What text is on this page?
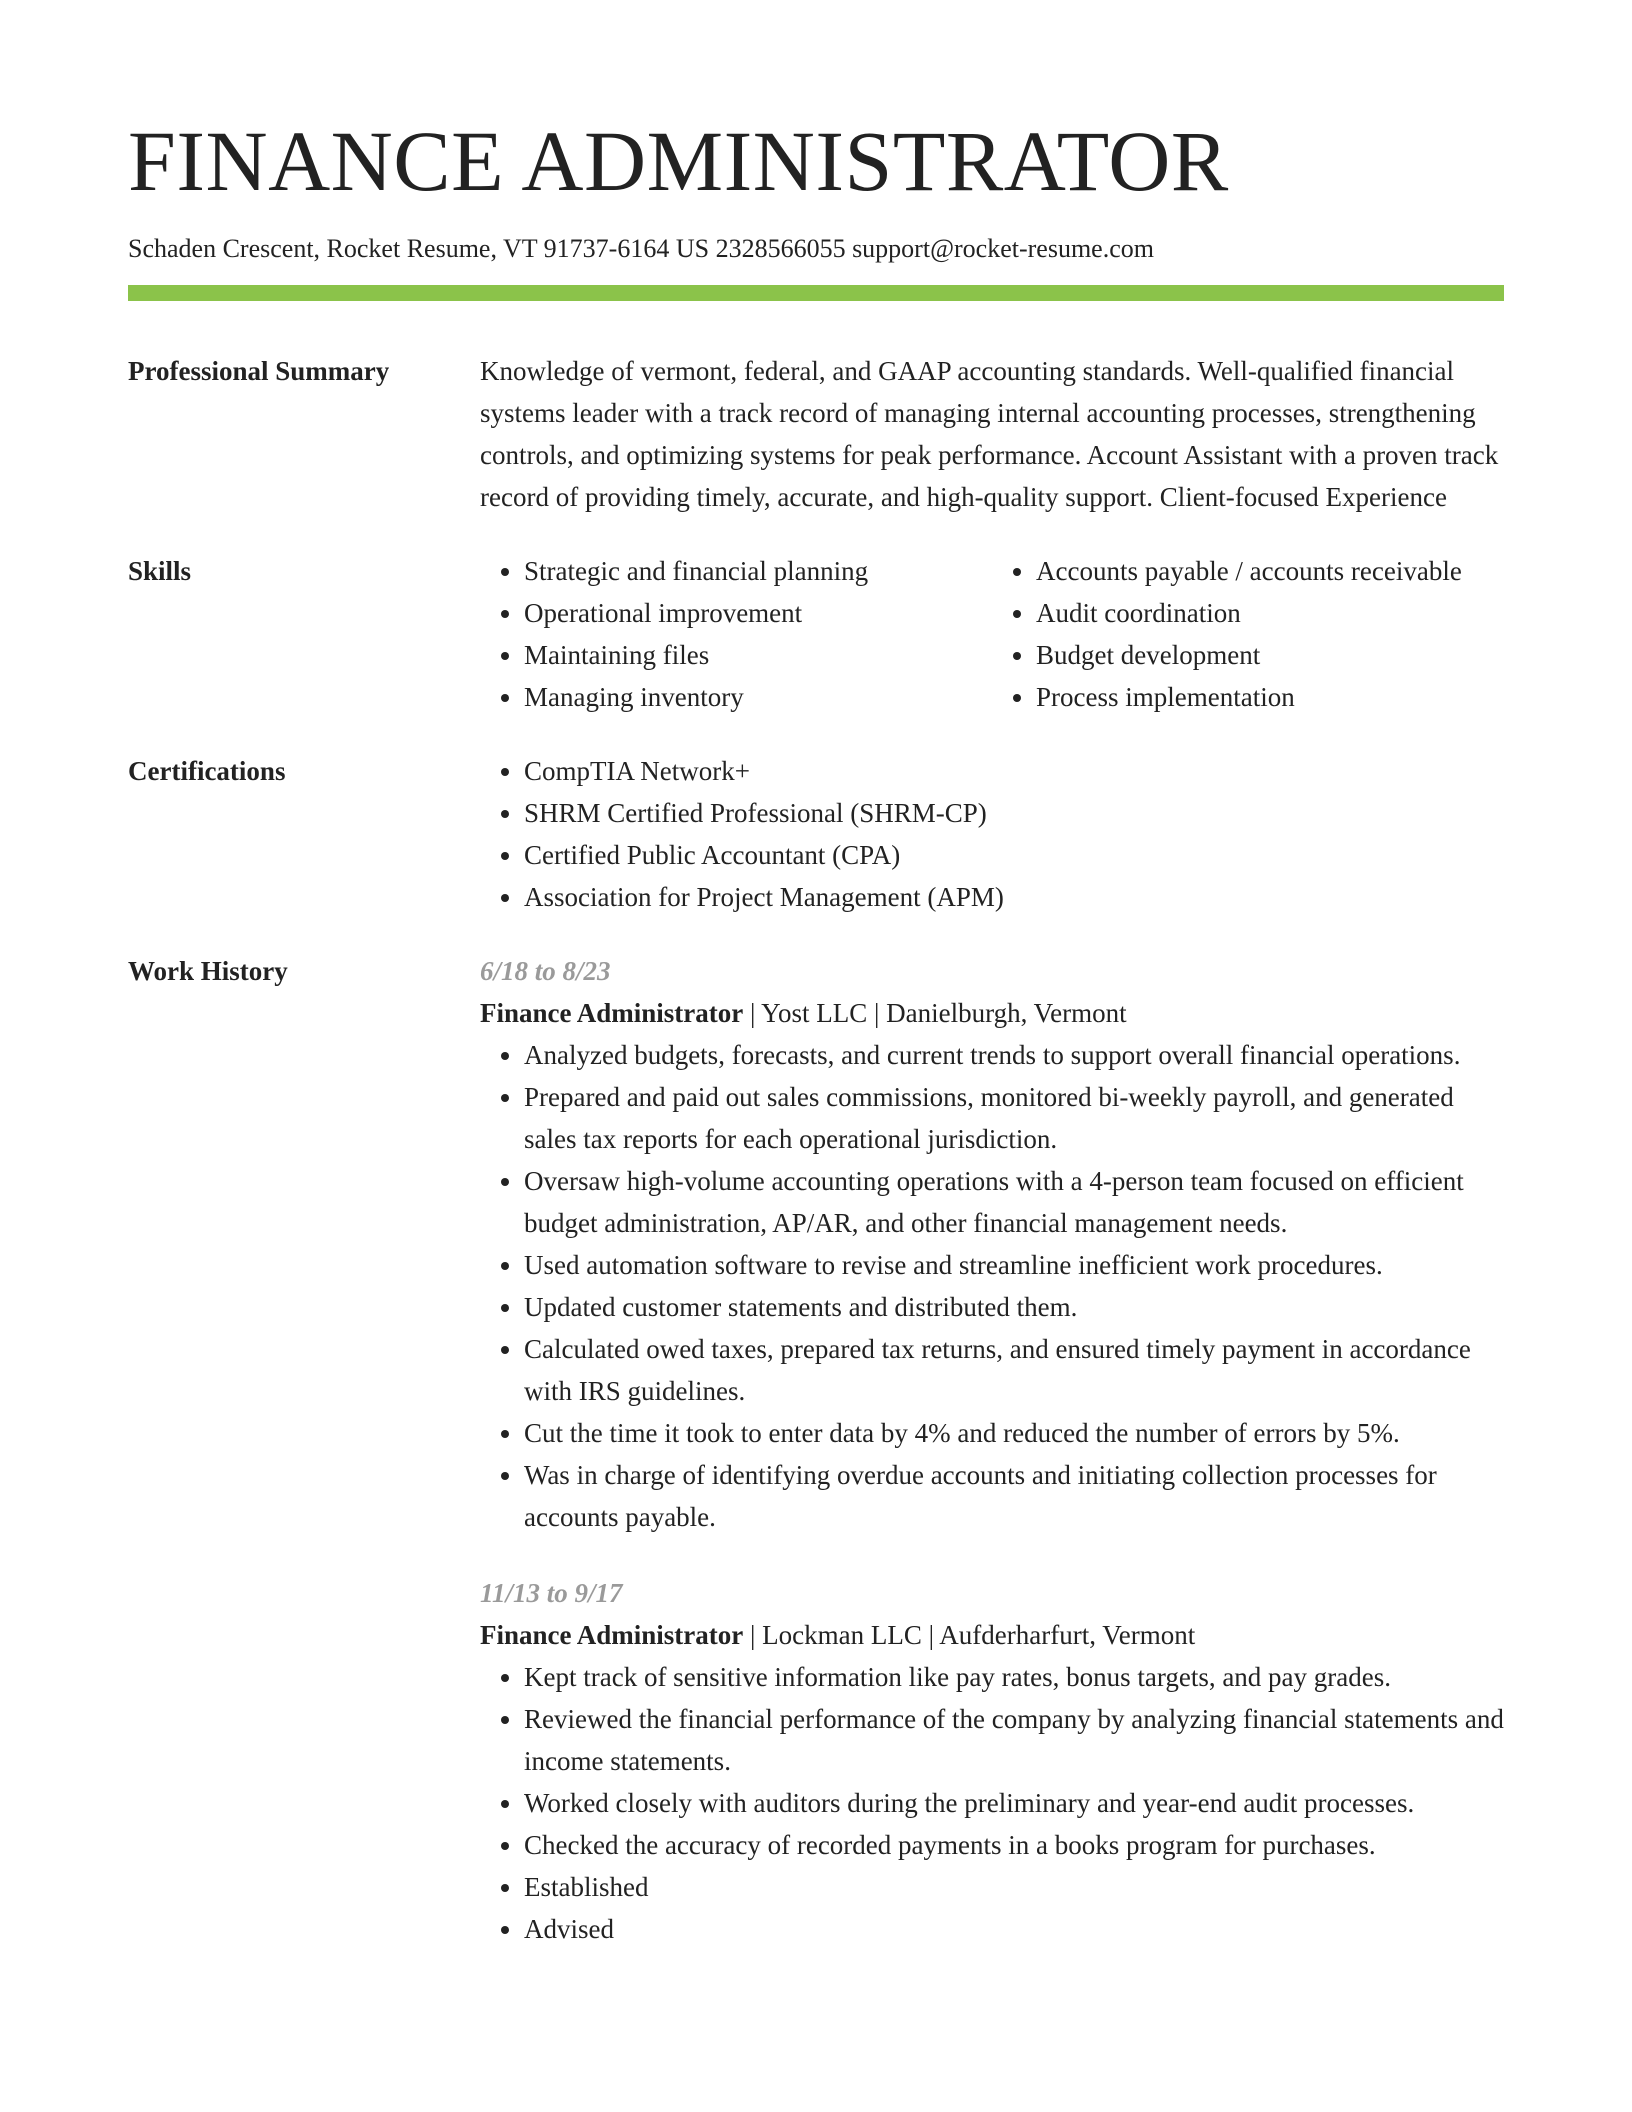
FINANCE ADMINISTRATOR

Schaden Crescent, Rocket Resume, VT 91737-6164 US 2328566055 support@rocket-resume.com

Professional Summary	Knowledge of vermont, federal, and GAAP accounting standards. Well-qualified financial systems leader with a track record of managing internal accounting processes, strengthening controls, and optimizing systems for peak performance. Account Assistant with a proven track record of providing timely, accurate, and high-quality support. Client-focused Experience

Skills	• Strategic and financial planning
• Operational improvement
• Maintaining files
• Managing inventory
• Accounts payable / accounts receivable
• Audit coordination
• Budget development
• Process implementation
Certifications	• CompTIA Network+
• SHRM Certified Professional (SHRM-CP)
• Certified Public Accountant (CPA)
• Association for Project Management (APM)
Work History	6/18 to 8/23

Finance Administrator | Yost LLC | Danielburgh, Vermont

• Analyzed budgets, forecasts, and current trends to support overall financial operations.
• Prepared and paid out sales commissions, monitored bi-weekly payroll, and generated sales tax reports for each operational jurisdiction.
• Oversaw high-volume accounting operations with a 4-person team focused on efficient budget administration, AP/AR, and other financial management needs.
• Used automation software to revise and streamline inefficient work procedures.
• Updated customer statements and distributed them.
• Calculated owed taxes, prepared tax returns, and ensured timely payment in accordance with IRS guidelines.
• Cut the time it took to enter data by 4% and reduced the number of errors by 5%.
• Was in charge of identifying overdue accounts and initiating collection processes for accounts payable.

11/13 to 9/17

Finance Administrator | Lockman LLC | Aufderharfurt, Vermont

• Kept track of sensitive information like pay rates, bonus targets, and pay grades.
• Reviewed the financial performance of the company by analyzing financial statements and income statements.
• Worked closely with auditors during the preliminary and year-end audit processes.
• Checked the accuracy of recorded payments in a books program for purchases.
• Established
• Advised
